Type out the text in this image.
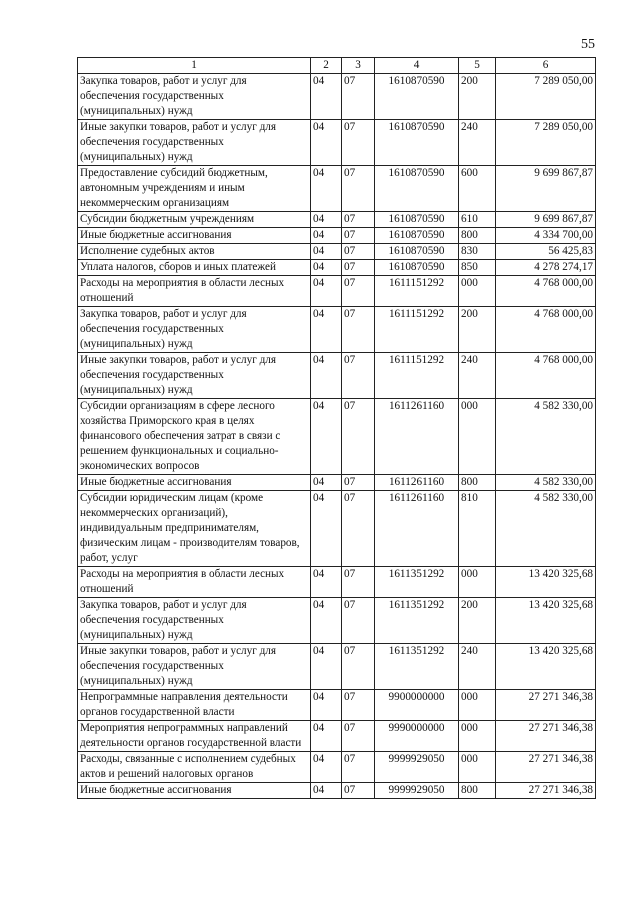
55
1	2	3	4	5	6
Закупка товаров, работ и услуг для обеспечения государственных (муниципальных) нужд	04	07	1610870590	200	7 289 050,00
Иные закупки товаров, работ и услуг для обеспечения государственных (муниципальных) нужд	04	07	1610870590	240	7 289 050,00
Предоставление субсидий бюджетным, автономным учреждениям и иным некоммерческим организациям	04	07	1610870590	600	9 699 867,87
Субсидии бюджетным учреждениям	04	07	1610870590	610	9 699 867,87
Иные бюджетные ассигнования	04	07	1610870590	800	4 334 700,00
Исполнение судебных актов	04	07	1610870590	830	56 425,83
Уплата налогов, сборов и иных платежей	04	07	1610870590	850	4 278 274,17
Расходы на мероприятия в области лесных отношений	04	07	1611151292	000	4 768 000,00
Закупка товаров, работ и услуг для обеспечения государственных (муниципальных) нужд	04	07	1611151292	200	4 768 000,00
Иные закупки товаров, работ и услуг для обеспечения государственных (муниципальных) нужд	04	07	1611151292	240	4 768 000,00
Субсидии организациям в сфере лесного хозяйства Приморского края в целях финансового обеспечения затрат в связи с решением функциональных и социально-экономических вопросов	04	07	1611261160	000	4 582 330,00
Иные бюджетные ассигнования	04	07	1611261160	800	4 582 330,00
Субсидии юридическим лицам (кроме некоммерческих организаций), индивидуальным предпринимателям, физическим лицам - производителям товаров, работ, услуг	04	07	1611261160	810	4 582 330,00
Расходы на мероприятия в области лесных отношений	04	07	1611351292	000	13 420 325,68
Закупка товаров, работ и услуг для обеспечения государственных (муниципальных) нужд	04	07	1611351292	200	13 420 325,68
Иные закупки товаров, работ и услуг для обеспечения государственных (муниципальных) нужд	04	07	1611351292	240	13 420 325,68
Непрограммные направления деятельности органов государственной власти	04	07	9900000000	000	27 271 346,38
Мероприятия непрограммных направлений деятельности органов государственной власти	04	07	9990000000	000	27 271 346,38
Расходы, связанные с исполнением судебных актов и решений налоговых органов	04	07	9999929050	000	27 271 346,38
Иные бюджетные ассигнования	04	07	9999929050	800	27 271 346,38
